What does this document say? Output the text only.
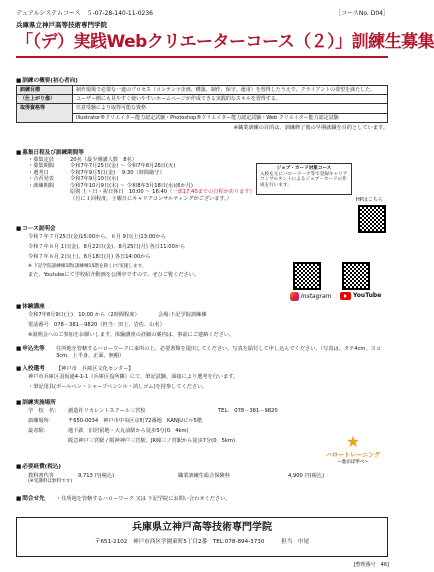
デュアルシステムコース　５-07-28-140-11-0236	［コースNo. D04］
兵庫県立神戸高等技術専門学院
「（デ）実践Webクリエーターコース（２）」訓練生募集
■ 訓練の概要(初心者向)
訓練目標	制作現場で必要な一連のプロセス（コンテンツ企画、構築、制作、保守、運用）を習得したうえで、クライアントの要望を満たした、
（仕上がり像）	ユーザー側にも見やすく使いやすいホームページが作成できる実践的なスキルを習得する。
取得資格等	任意受験により取得可能な資格
	Illustrator®クリエイター能力認定試験・Photoshop®クリエイター能力認定試験・Web クリエイター能力認定試験
※職業訓練の目的は、訓練修了後の早期就職を目的としています。
■ 募集日程及び訓練期間等
・募集定員	20名（最少開講人数　8名）
・募集期間	令和7年7月25日(金) ～ 令和7年8月26日(火)
・選考日	令和7年9月5日(金)　 9:30（時間厳守）
・合否発表	令和7年9月10日(水)
・訓練期間	令和7年10月9日(木) ～ 令和8年3月18日(水)(6か月)
原則 土・日・祝日休日　10:00 ～ 16:40 （一部17:40までの日程があります）
（月に１回程度、土曜日にキャリアコンサルティングがございます。）
ジョブ・カード対象コース
入校を元にハローワーク等で登録キャリアコンサルタントによるジョブ・カードの作成を行います。
HPはこちら
■ コース説明会
令和７年７月25日(金)15:00から、８月 9日(土)13:00から
令和７年８月 1日(金)、8月22日(金)、8月25日(月) 各日11:00から
令和７年８月 2日(土)、8月18日(月) 各日14:00から
※ 下記学院訓練棟1階(訓練棟15階を除く)で実施します。
また、Youtubeにて学校紹介動画を公開中ですので、ぜひご覧ください。
Instagram	YouTube
■ 体験講座
令和7年8月9日(土)　10:00 から（2時間程度）	会場:下記学院訓練棟
電話番号　078－381－9820（担当：田上、岩佐、山名）
※説明会へのご参加をお願いします。体験講座の詳細の案内は、事前にご連絡ください。
■ 申込先等	住所地を管轄するハローワークに来所の上、必要書類を提出してください。写真を貼付して申し込んでください。（写真は、タテ4cm、ヨコ3cm、上半身、正面、無帽）
■ 入校選考	【神戸市　兵庫区文化センター】
神戸市兵庫区羽坂通4-1-1（兵庫区役所隣）にて、筆記試験、面接により選考を行います。
・筆記用具(ボールペン・シャープペンシル・消しゴム)を持参してください。
■ 訓練実施場所
学　校　名：	創造社リカレントスクール三宮校	TEL:　078－381－9820
訓練場所：	〒650-0034　神戸市中央区京町72番地　KANJUビル5階
最寄駅：	地下鉄　旧居留地・大丸前駅から徒歩5分(0．4km)
阪急神戸三宮駅 / 阪神神戸三宮駅、JR線三ノ宮駅から徒歩7分(0．5km)	★
ハロートレーニング
～急がば学べ～
■ 必要経費(税込)
教科書代等	9,713 円(税込)	職業訓練生総合保険料	4,900 円(税込)
(※受講料は無料です)
■ 問合せ先	・住所地を管轄するハローワーク 又は 下記学院にお問い合わせください。
兵庫県立神戸高等技術専門学院
〒651-2102　神戸市西区学園東町5丁目2番　TEL:078-894-3730　　　担当　中尾
[整理番号　46]
